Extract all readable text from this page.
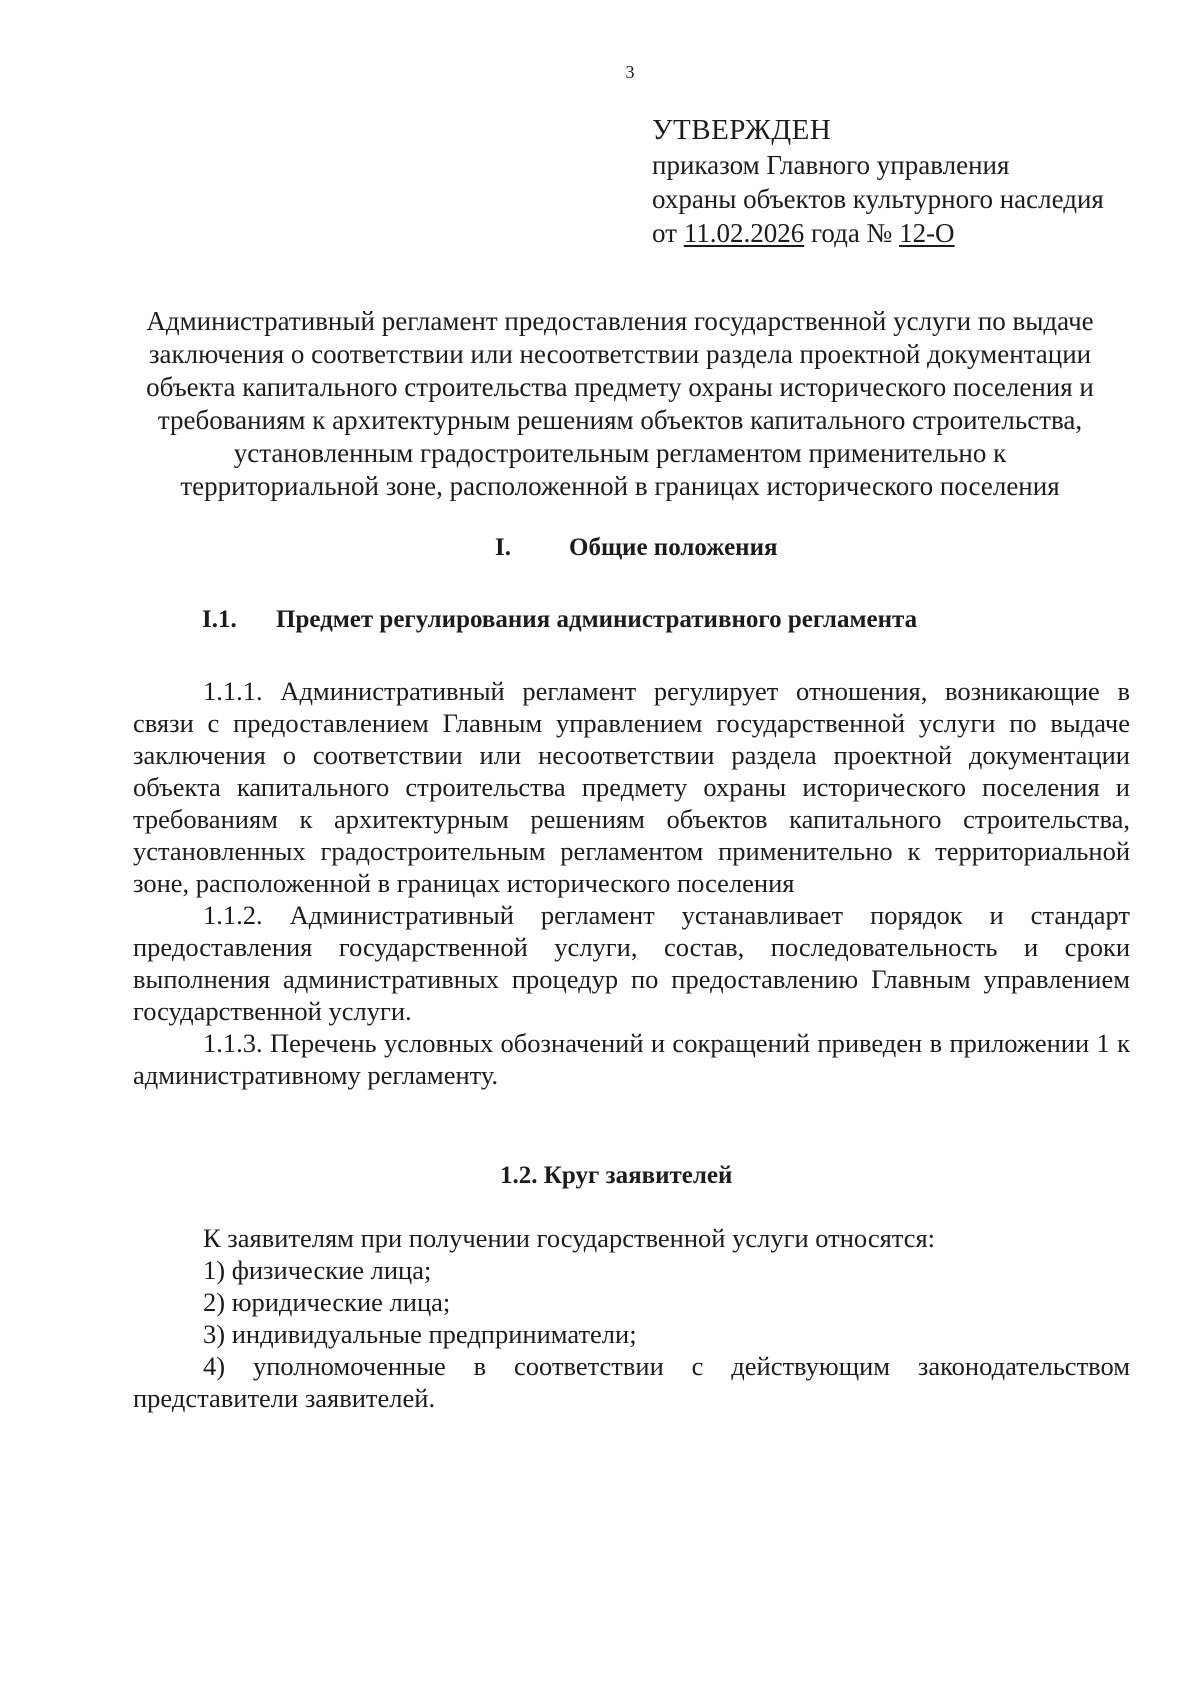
3
УТВЕРЖДЕН
приказом Главного управления
охраны объектов культурного наследия
от 11.02.2026 года № 12-О
Административный регламент предоставления государственной услуги по выдаче
заключения о соответствии или несоответствии раздела проектной документации
объекта капитального строительства предмету охраны исторического поселения и
требованиям к архитектурным решениям объектов капитального строительства,
установленным градостроительным регламентом применительно к
территориальной зоне, расположенной в границах исторического поселения
I. Общие положения
I.1. Предмет регулирования административного регламента

1.1.1. Административный регламент регулирует отношения, возникающие в связи с предоставлением Главным управлением государственной услуги по выдаче заключения о соответствии или несоответствии раздела проектной документации объекта капитального строительства предмету охраны исторического поселения и требованиям к архитектурным решениям объектов капитального строительства, установленных градостроительным регламентом применительно к территориальной зоне, расположенной в границах исторического поселения

1.1.2. Административный регламент устанавливает порядок и стандарт предоставления государственной услуги, состав, последовательность и сроки выполнения административных процедур по предоставлению Главным управлением государственной услуги.

1.1.3. Перечень условных обозначений и сокращений приведен в приложении 1 к административному регламенту.

1.2. Круг заявителей

К заявителям при получении государственной услуги относятся:

1) физические лица;

2) юридические лица;

3) индивидуальные предприниматели;

4) уполномоченные в соответствии с действующим законодательством представители заявителей.
